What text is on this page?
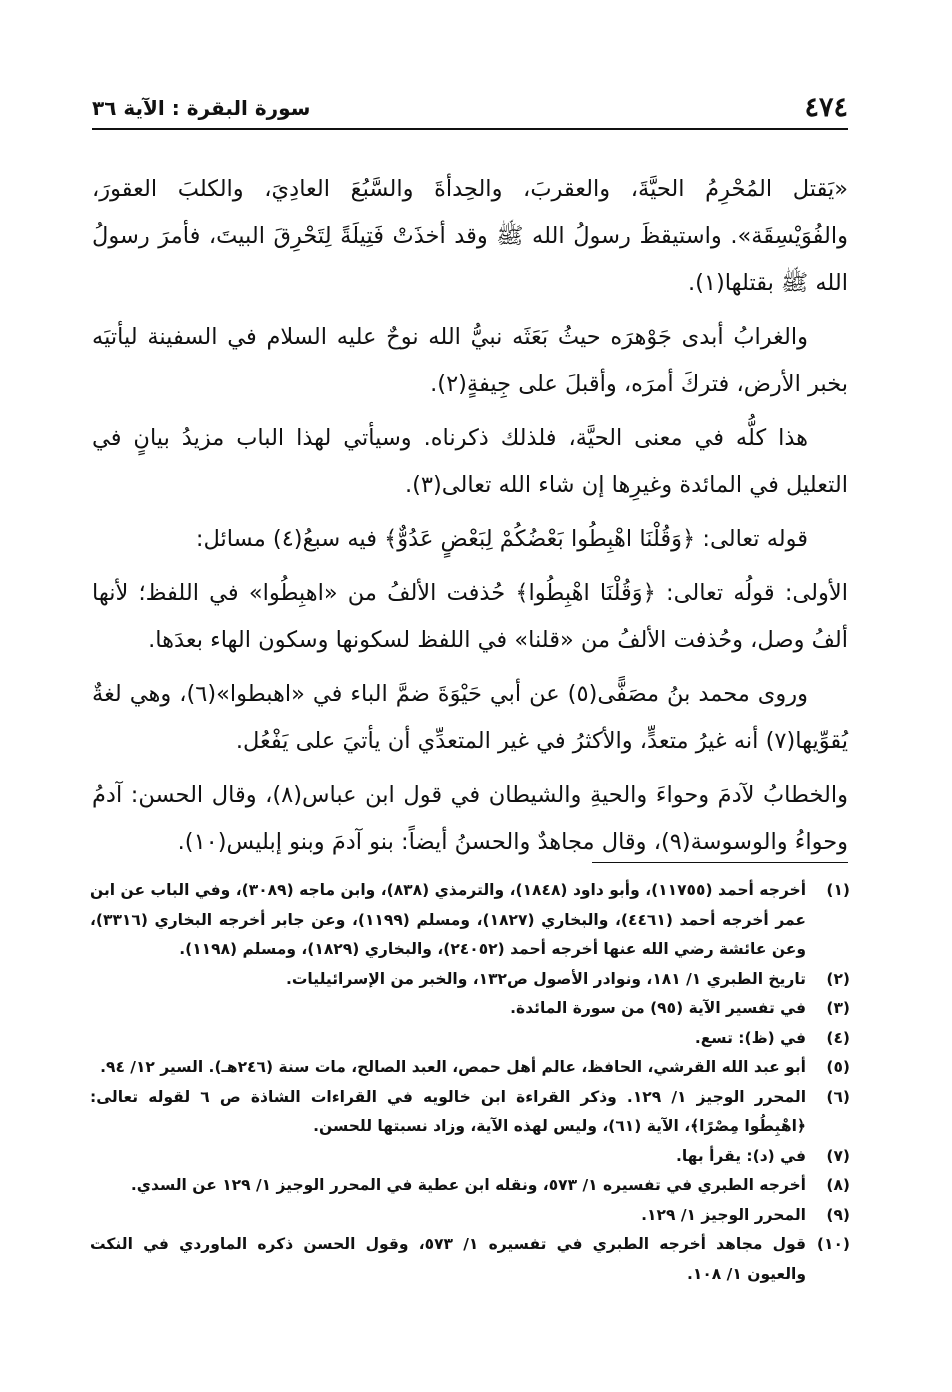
٤٧٤
سورة البقرة : الآية ٣٦

«يَقتل المُحْرِمُ الحيَّةَ، والعقربَ، والحِدأةَ والسَّبُعَ العادِيَ، والكلبَ العقورَ، والفُوَيْسِقَة». واستيقظَ رسولُ الله ﷺ وقد أخذَتْ فَتِيلَةً لِتَحْرِقَ البيتَ، فأمرَ رسولُ الله ﷺ بقتلها(١).

والغرابُ أبدى جَوْهرَه حيثُ بَعَثَه نبيُّ الله نوحٌ عليه السلام في السفينة ليأتيَه بخبر الأرض، فتركَ أمرَه، وأقبلَ على جِيفةٍ(٢).

هذا كلُّه في معنى الحيَّة، فلذلك ذكرناه. وسيأتي لهذا الباب مزيدُ بيانٍ في التعليل في المائدة وغيرِها إن شاء الله تعالى(٣).

قوله تعالى: ﴿وَقُلْنَا اهْبِطُوا بَعْضُكُمْ لِبَعْضٍ عَدُوٌّ﴾ فيه سبعُ(٤) مسائل:

الأولى: قولُه تعالى: ﴿وَقُلْنَا اهْبِطُوا﴾ حُذفت الألفُ من «اهبِطُوا» في اللفظ؛ لأنها ألفُ وصل، وحُذفت الألفُ من «قلنا» في اللفظ لسكونها وسكون الهاء بعدَها.

وروى محمد بنُ مصَفًّى(٥) عن أبي حَيْوَةَ ضمَّ الباء في «اهبطوا»(٦)، وهي لغةٌ يُقوِّيها(٧) أنه غيرُ متعدٍّ، والأكثرُ في غير المتعدِّي أن يأتيَ على يَفْعُل.

والخطابُ لآدمَ وحواءَ والحيةِ والشيطان في قول ابن عباس(٨)، وقال الحسن: آدمُ وحواءُ والوسوسة(٩)، وقال مجاهدٌ والحسنُ أيضاً: بنو آدمَ وبنو إبليس(١٠).

(١)
أخرجه أحمد (١١٧٥٥)، وأبو داود (١٨٤٨)، والترمذي (٨٣٨)، وابن ماجه (٣٠٨٩)، وفي الباب عن ابن عمر أخرجه أحمد (٤٤٦١)، والبخاري (١٨٢٧)، ومسلم (١١٩٩)، وعن جابر أخرجه البخاري (٣٣١٦)، وعن عائشة رضي الله عنها أخرجه أحمد (٢٤٠٥٢)، والبخاري (١٨٢٩)، ومسلم (١١٩٨).
(٢)
تاريخ الطبري ١/ ١٨١، ونوادر الأصول ص١٣٢، والخبر من الإسرائيليات.
(٣)
في تفسير الآية (٩٥) من سورة المائدة.
(٤)
في (ظ): تسع.
(٥)
أبو عبد الله القرشي، الحافظ، عالم أهل حمص، العبد الصالح، مات سنة (٢٤٦هـ). السير ١٢/ ٩٤.
(٦)
المحرر الوجيز ١/ ١٢٩. وذكر القراءة ابن خالويه في القراءات الشاذة ص ٦ لقوله تعالى: ﴿اهْبِطُوا مِصْرًا﴾، الآية (٦١)، وليس لهذه الآية، وزاد نسبتها للحسن.
(٧)
في (د): يقرأ بها.
(٨)
أخرجه الطبري في تفسيره ١/ ٥٧٣، ونقله ابن عطية في المحرر الوجيز ١/ ١٢٩ عن السدي.
(٩)
المحرر الوجيز ١/ ١٢٩.
(١٠)
قول مجاهد أخرجه الطبري في تفسيره ١/ ٥٧٣، وقول الحسن ذكره الماوردي في النكت والعيون ١/ ١٠٨.
